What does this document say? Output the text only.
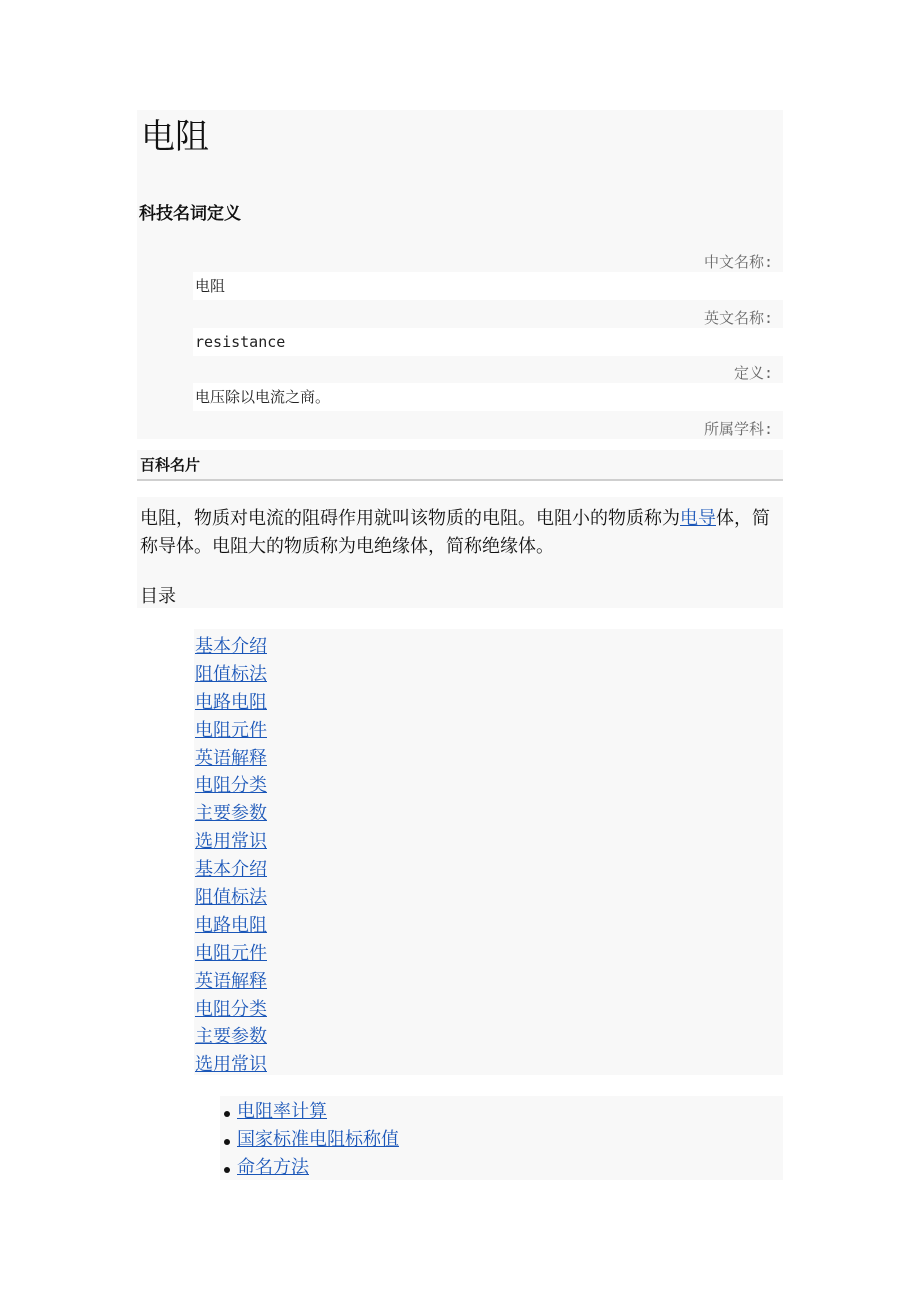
电阻
科技名词定义
中文名称:
电阻
英文名称:
resistance
定义:
电压除以电流之商。
所属学科:
百科名片
电阻，物质对电流的阻碍作用就叫该物质的电阻。电阻小的物质称为电导体，简称导体。电阻大的物质称为电绝缘体，简称绝缘体。
目录
基本介绍
阻值标法
电路电阻
电阻元件
英语解释
电阻分类
主要参数
选用常识
基本介绍
阻值标法
电路电阻
电阻元件
英语解释
电阻分类
主要参数
选用常识
电阻率计算
国家标准电阻标称值
命名方法
